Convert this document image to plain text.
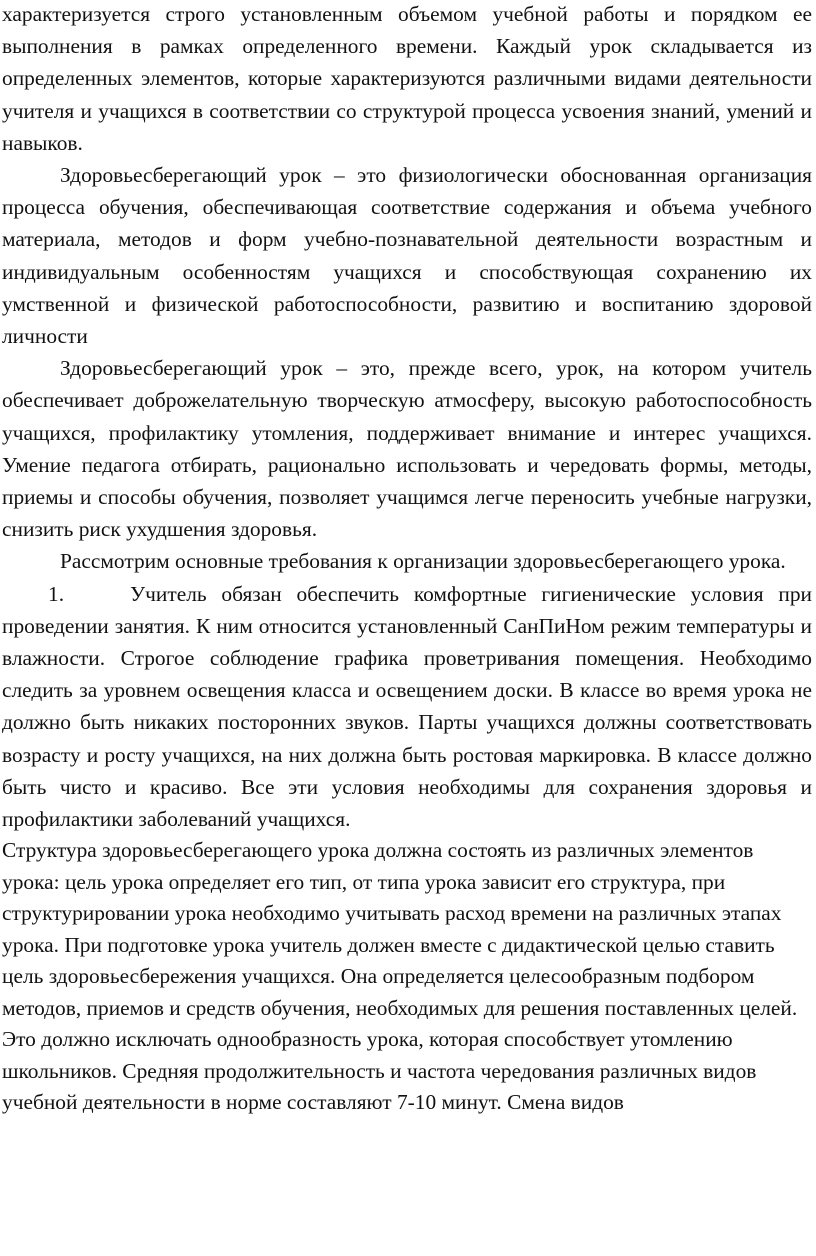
характеризуется строго установленным объемом учебной работы и порядком ее выполнения в рамках определенного времени. Каждый урок складывается из определенных элементов, которые характеризуются различными видами деятельности учителя и учащихся в соответствии со структурой процесса усвоения знаний, умений и навыков.

Здоровьесберегающий урок – это физиологически обоснованная организация процесса обучения, обеспечивающая соответствие содержания и объема учебного материала, методов и форм учебно-познавательной деятельности возрастным и индивидуальным особенностям учащихся и способствующая сохранению их умственной и физической работоспособности, развитию и воспитанию здоровой личности

Здоровьесберегающий урок – это, прежде всего, урок, на котором учитель обеспечивает доброжелательную творческую атмосферу, высокую работоспособность учащихся, профилактику утомления, поддерживает внимание и интерес учащихся. Умение педагога отбирать, рационально использовать и чередовать формы, методы, приемы и способы обучения, позволяет учащимся легче переносить учебные нагрузки, снизить риск ухудшения здоровья.

Рассмотрим основные требования к организации здоровьесберегающего урока.

1.	Учитель обязан обеспечить комфортные гигиенические условия при проведении занятия. К ним относится установленный СанПиНом режим температуры и влажности. Строгое соблюдение графика проветривания помещения. Необходимо следить за уровнем освещения класса и освещением доски. В классе во время урока не должно быть никаких посторонних звуков. Парты учащихся должны соответствовать возрасту и росту учащихся, на них должна быть ростовая маркировка. В классе должно быть чисто и красиво. Все эти условия необходимы для сохранения здоровья и профилактики заболеваний учащихся.

Структура здоровьесберегающего урока должна состоять из различных элементов урока: цель урока определяет его тип, от типа урока зависит его структура, при структурировании урока необходимо учитывать расход времени на различных этапах урока. При подготовке урока учитель должен вместе с дидактической целью ставить цель здоровьесбережения учащихся. Она определяется целесообразным подбором методов, приемов и средств обучения, необходимых для решения поставленных целей. Это должно исключать однообразность урока, которая способствует утомлению школьников. Средняя продолжительность и частота чередования различных видов учебной деятельности в норме составляют 7-10 минут. Смена видов
